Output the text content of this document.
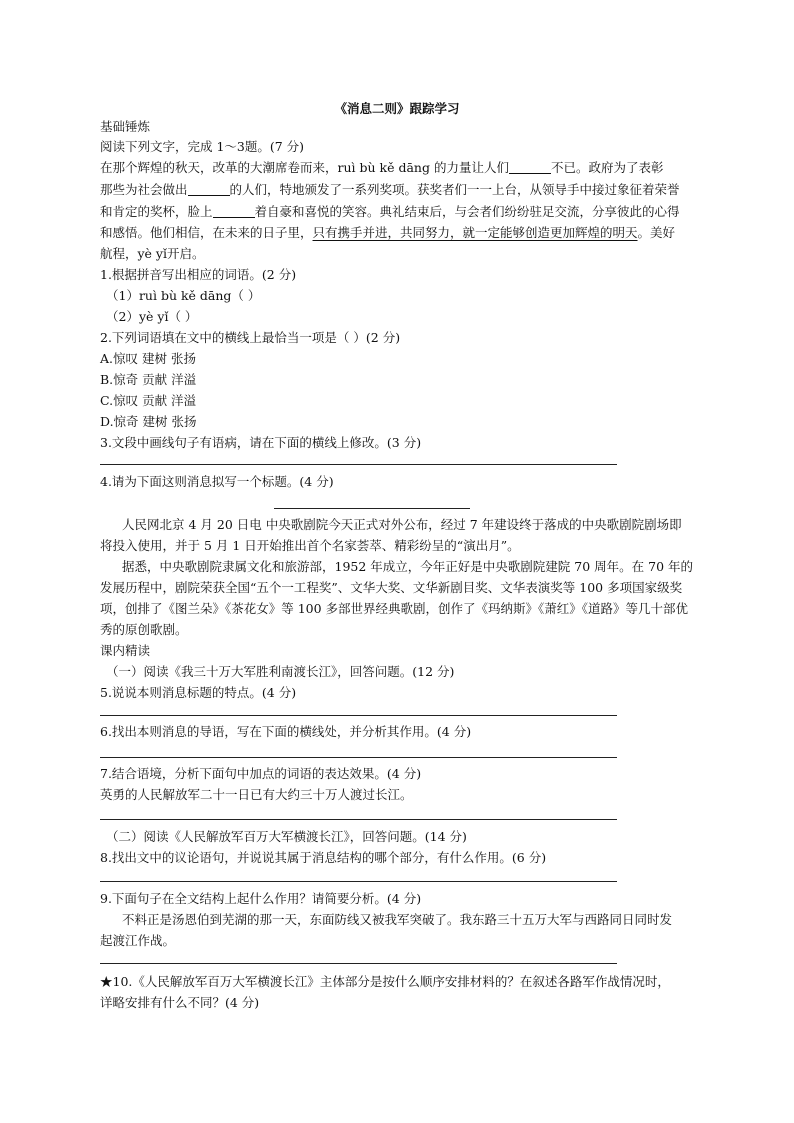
《消息二则》跟踪学习
基础锤炼
阅读下列文字，完成 1～3题。(7 分)
在那个辉煌的秋天，改革的大潮席卷而来，ruì bù kě dāng 的力量让人们	不已。政府为了表彰
那些为社会做出	的人们，特地颁发了一系列奖项。获奖者们一一上台，从领导手中接过象征着荣誉
和肯定的奖杯，脸上	着自豪和喜悦的笑容。典礼结束后，与会者们纷纷驻足交流，分享彼此的心得
和感悟。他们相信，在未来的日子里，只有携手并进，共同努力，就一定能够创造更加辉煌的明天。美好
航程，yè yǐ开启。
1.根据拼音写出相应的词语。(2 分)
（1）ruì bù kě dāng（ ）
（2）yè yǐ（ ）
2.下列词语填在文中的横线上最恰当一项是（ ）(2 分)
A.惊叹 建树 张扬
B.惊奇 贡献 洋溢
C.惊叹 贡献 洋溢
D.惊奇 建树 张扬
3.文段中画线句子有语病，请在下面的横线上修改。(3 分)
4.请为下面这则消息拟写一个标题。(4 分)
人民网北京 4 月 20 日电 中央歌剧院今天正式对外公布，经过 7 年建设终于落成的中央歌剧院剧场即
将投入使用，并于 5 月 1 日开始推出首个名家荟萃、精彩纷呈的“演出月”。
据悉，中央歌剧院隶属文化和旅游部，1952 年成立，今年正好是中央歌剧院建院 70 周年。在 70 年的
发展历程中，剧院荣获全国“五个一工程奖”、文华大奖、文华新剧目奖、文华表演奖等 100 多项国家级奖
项，创排了《图兰朵》《茶花女》等 100 多部世界经典歌剧，创作了《玛纳斯》《萧红》《道路》等几十部优
秀的原创歌剧。
课内精读
（一）阅读《我三十万大军胜利南渡长江》，回答问题。(12 分)
5.说说本则消息标题的特点。(4 分)
6.找出本则消息的导语，写在下面的横线处，并分析其作用。(4 分)
7.结合语境，分析下面句中加点的词语的表达效果。(4 分)
英勇的人民解放军二十一日已有大约三十万人渡过长江。
（二）阅读《人民解放军百万大军横渡长江》，回答问题。(14 分)
8.找出文中的议论语句，并说说其属于消息结构的哪个部分，有什么作用。(6 分)
9.下面句子在全文结构上起什么作用？请简要分析。(4 分)
不料正是汤恩伯到芜湖的那一天，东面防线又被我军突破了。我东路三十五万大军与西路同日同时发
起渡江作战。
★10.《人民解放军百万大军横渡长江》主体部分是按什么顺序安排材料的？在叙述各路军作战情况时，
详略安排有什么不同？(4 分)
